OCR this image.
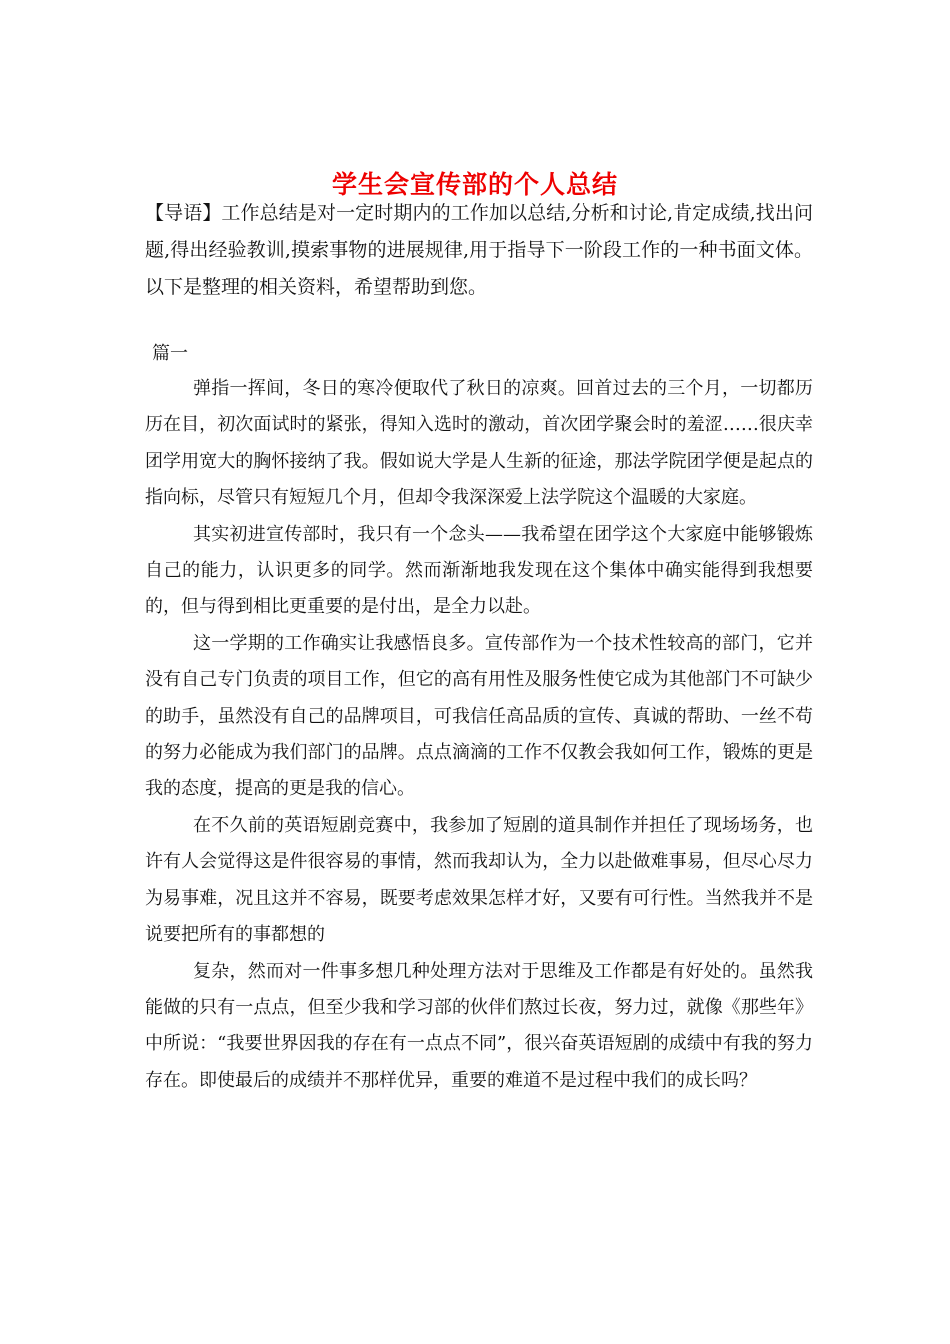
学生会宣传部的个人总结

【导语】工作总结是对一定时期内的工作加以总结,分析和讨论,肯定成绩,找出问题,得出经验教训,摸索事物的进展规律,用于指导下一阶段工作的一种书面文体。以下是整理的相关资料，希望帮助到您。

篇一

弹指一挥间，冬日的寒冷便取代了秋日的凉爽。回首过去的三个月，一切都历历在目，初次面试时的紧张，得知入选时的激动，首次团学聚会时的羞涩……很庆幸团学用宽大的胸怀接纳了我。假如说大学是人生新的征途，那法学院团学便是起点的指向标，尽管只有短短几个月，但却令我深深爱上法学院这个温暖的大家庭。

其实初进宣传部时，我只有一个念头——我希望在团学这个大家庭中能够锻炼自己的能力，认识更多的同学。然而渐渐地我发现在这个集体中确实能得到我想要的，但与得到相比更重要的是付出，是全力以赴。

这一学期的工作确实让我感悟良多。宣传部作为一个技术性较高的部门，它并没有自己专门负责的项目工作，但它的高有用性及服务性使它成为其他部门不可缺少的助手，虽然没有自己的品牌项目，可我信任高品质的宣传、真诚的帮助、一丝不苟的努力必能成为我们部门的品牌。点点滴滴的工作不仅教会我如何工作，锻炼的更是我的态度，提高的更是我的信心。

在不久前的英语短剧竞赛中，我参加了短剧的道具制作并担任了现场场务，也许有人会觉得这是件很容易的事情，然而我却认为，全力以赴做难事易，但尽心尽力为易事难，况且这并不容易，既要考虑效果怎样才好，又要有可行性。当然我并不是说要把所有的事都想的

复杂，然而对一件事多想几种处理方法对于思维及工作都是有好处的。虽然我能做的只有一点点，但至少我和学习部的伙伴们熬过长夜，努力过，就像《那些年》中所说：“我要世界因我的存在有一点点不同”，很兴奋英语短剧的成绩中有我的努力存在。即使最后的成绩并不那样优异，重要的难道不是过程中我们的成长吗？
